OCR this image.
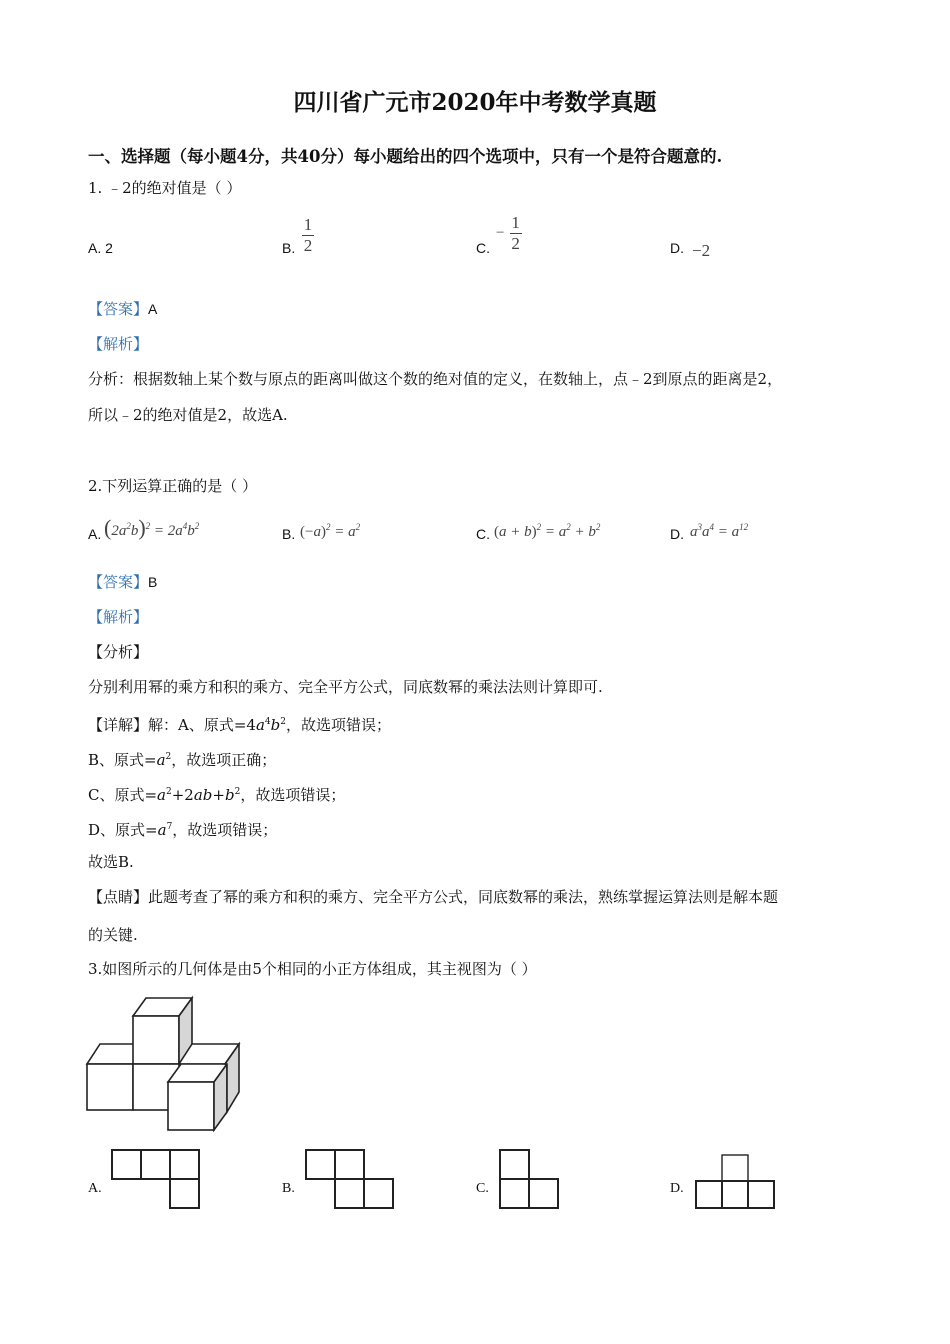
四川省广元市2020年中考数学真题
一、选择题（每小题4分，共40分）每小题给出的四个选项中，只有一个是符合题意的.
1. ﹣2的绝对值是（ ）
A. 2	B. $\frac{1}{2}$	C.
− $\frac{1}{2}$	D. −2
【答案】A
【解析】
分析：根据数轴上某个数与原点的距离叫做这个数的绝对值的定义，在数轴上，点﹣2到原点的距离是2，
所以﹣2的绝对值是2，故选A.
2.下列运算正确的是（ ）
A. $(2a^2b)^2 = 2a^4b^2$	B. $(-a)^2 = a^2$	C. $(a + b)^2 = a^2 + b^2$	D. $a^3a^4 = a^{12}$
【答案】B
【解析】
【分析】
分别利用幂的乘方和积的乘方、完全平方公式，同底数幂的乘法法则计算即可.
【详解】解：A、原式$=4a^4b^2$，故选项错误；
B、原式$=a^2$，故选项正确；
C、原式$=a^2+2ab+b^2$，故选项错误；
D、原式$=a^7$，故选项错误；
故选B.
【点睛】此题考查了幂的乘方和积的乘方、完全平方公式，同底数幂的乘法，熟练掌握运算法则是解本题
的关键.
3.如图所示的几何体是由5个相同的小正方体组成，其主视图为（ ）
A.	B.	C.	D.
